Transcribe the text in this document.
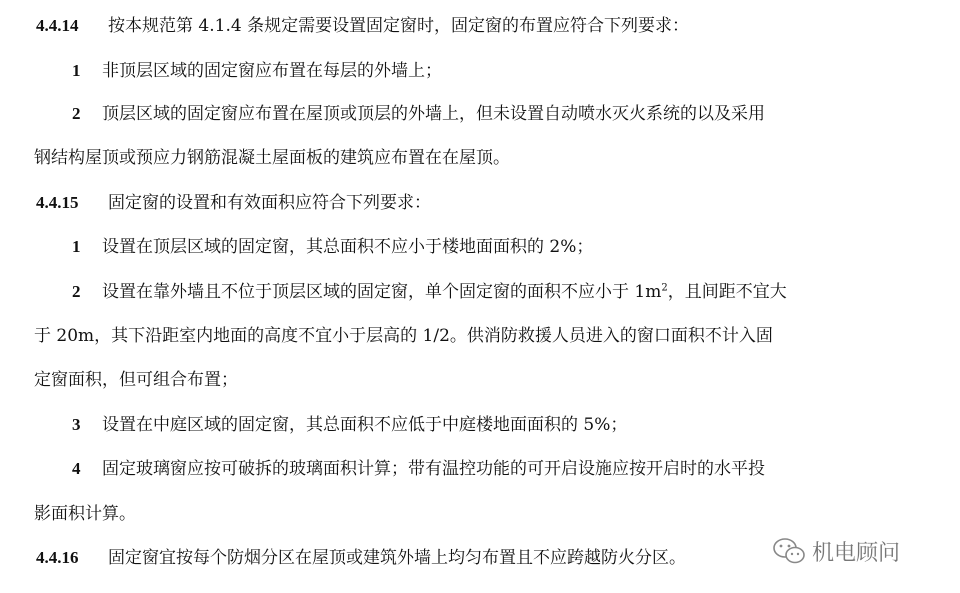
4.4.14 按本规范第 4.1.4 条规定需要设置固定窗时，固定窗的布置应符合下列要求：
1 非顶层区域的固定窗应布置在每层的外墙上；
2 顶层区域的固定窗应布置在屋顶或顶层的外墙上，但未设置自动喷水灭火系统的以及采用
钢结构屋顶或预应力钢筋混凝土屋面板的建筑应布置在在屋顶。
4.4.15 固定窗的设置和有效面积应符合下列要求：
1 设置在顶层区域的固定窗，其总面积不应小于楼地面面积的 2%；
2 设置在靠外墙且不位于顶层区域的固定窗，单个固定窗的面积不应小于 $1m^2$，且间距不宜大
于 20m，其下沿距室内地面的高度不宜小于层高的 1/2。供消防救援人员进入的窗口面积不计入固
定窗面积，但可组合布置；
3 设置在中庭区域的固定窗，其总面积不应低于中庭楼地面面积的 5%；
4 固定玻璃窗应按可破拆的玻璃面积计算；带有温控功能的可开启设施应按开启时的水平投
影面积计算。
4.4.16 固定窗宜按每个防烟分区在屋顶或建筑外墙上均匀布置且不应跨越防火分区。	机电顾问
